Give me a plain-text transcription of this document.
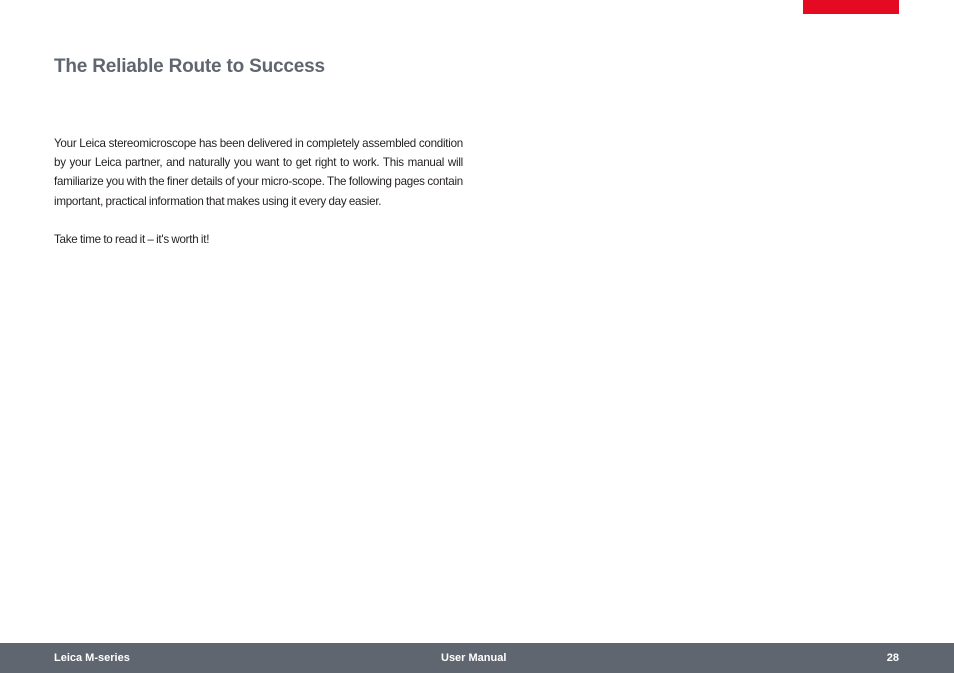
The Reliable Route to Success

Your Leica stereomicroscope has been delivered in completely assembled condition by your Leica partner, and naturally you want to get right to work. This manual will familiarize you with the finer details of your micro-scope. The following pages contain important, practical information that makes using it every day easier.

Take time to read it – it's worth it!

Leica M-series	User Manual	28
